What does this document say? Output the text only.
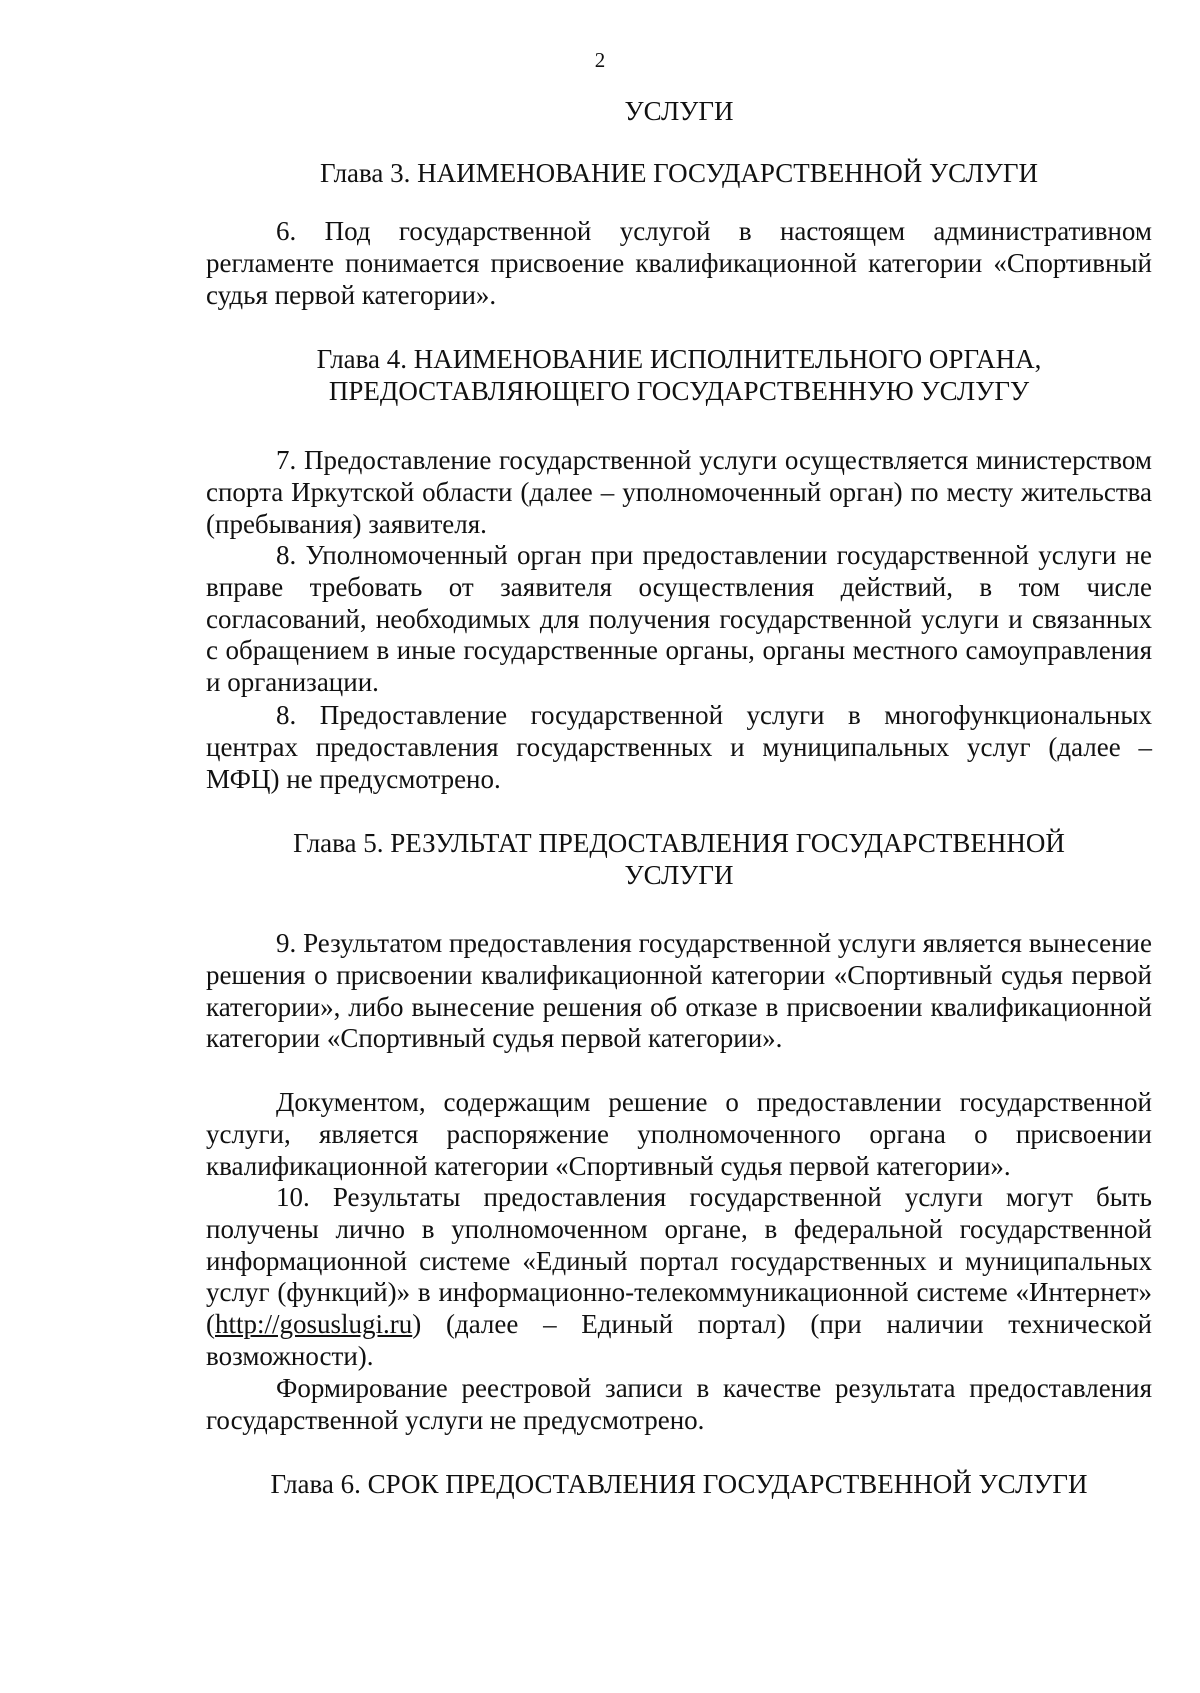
2
УСЛУГИ
Глава 3. НАИМЕНОВАНИЕ ГОСУДАРСТВЕННОЙ УСЛУГИ

6. Под государственной услугой в настоящем административном регламенте понимается присвоение квалификационной категории «Спортивный судья первой категории».

Глава 4. НАИМЕНОВАНИЕ ИСПОЛНИТЕЛЬНОГО ОРГАНА,
ПРЕДОСТАВЛЯЮЩЕГО ГОСУДАРСТВЕННУЮ УСЛУГУ

7. Предоставление государственной услуги осуществляется министерством спорта Иркутской области (далее – уполномоченный орган) по месту жительства (пребывания) заявителя.

8. Уполномоченный орган при предоставлении государственной услуги не вправе требовать от заявителя осуществления действий, в том числе согласований, необходимых для получения государственной услуги и связанных с обращением в иные государственные органы, органы местного самоуправления и организации.

8. Предоставление государственной услуги в многофункциональных центрах предоставления государственных и муниципальных услуг (далее – МФЦ) не предусмотрено.

Глава 5. РЕЗУЛЬТАТ ПРЕДОСТАВЛЕНИЯ ГОСУДАРСТВЕННОЙ
УСЛУГИ

9. Результатом предоставления государственной услуги является вынесение решения о присвоении квалификационной категории «Спортивный судья первой категории», либо вынесение решения об отказе в присвоении квалификационной категории «Спортивный судья первой категории».

Документом, содержащим решение о предоставлении государственной услуги, является распоряжение уполномоченного органа о присвоении квалификационной категории «Спортивный судья первой категории».

10. Результаты предоставления государственной услуги могут быть получены лично в уполномоченном органе, в федеральной государственной информационной системе «Единый портал государственных и муниципальных услуг (функций)» в информационно-телекоммуникационной системе «Интернет» (http://gosuslugi.ru) (далее – Единый портал) (при наличии технической возможности).

Формирование реестровой записи в качестве результата предоставления государственной услуги не предусмотрено.

Глава 6. СРОК ПРЕДОСТАВЛЕНИЯ ГОСУДАРСТВЕННОЙ УСЛУГИ
